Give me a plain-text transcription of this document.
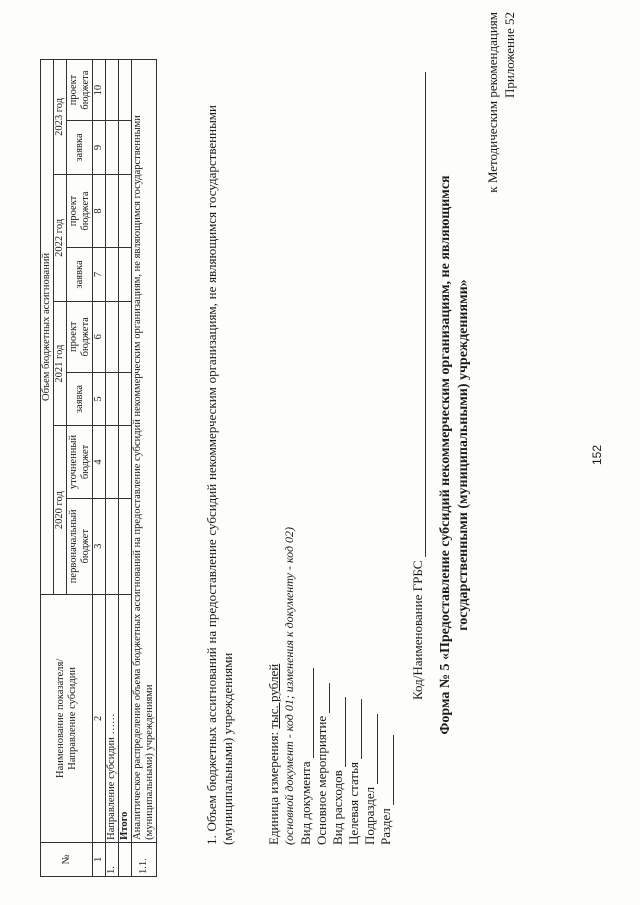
152
Приложение 52
к Методическим рекомендациям
Форма № 5 «Предоставление субсидий некоммерческим организациям, не являющимся государственными (муниципальными) учреждениями»
Код/Наименование ГРБС
Раздел
Подраздел
Целевая статья
Вид расходов
Основное мероприятие
Вид документа
(основной документ - код 01; изменения к документу - код 02)
Единица измерения: тыс. рублей
1. Объем бюджетных ассигнований на предоставление субсидий некоммерческим организациям, не являющимся государственными (муниципальными) учреждениями
№	Наименование показателя/ Направление субсидии	Объем бюджетных ассигнований							
		2020 год		2021 год		2022 год		2023 год	
		первоначальный бюджет	уточненный бюджет	заявка	проект бюджета	заявка	проект бюджета	заявка	проект бюджета
1	2	3	4	5	6	7	8	9	10
1.	Направление субсидии ……								
	Итого								
1.1.	Аналитическое распределение объема бюджетных ассигнований на предоставление субсидий некоммерческим организациям, не являющимся государственными (муниципальными) учреждениями								
